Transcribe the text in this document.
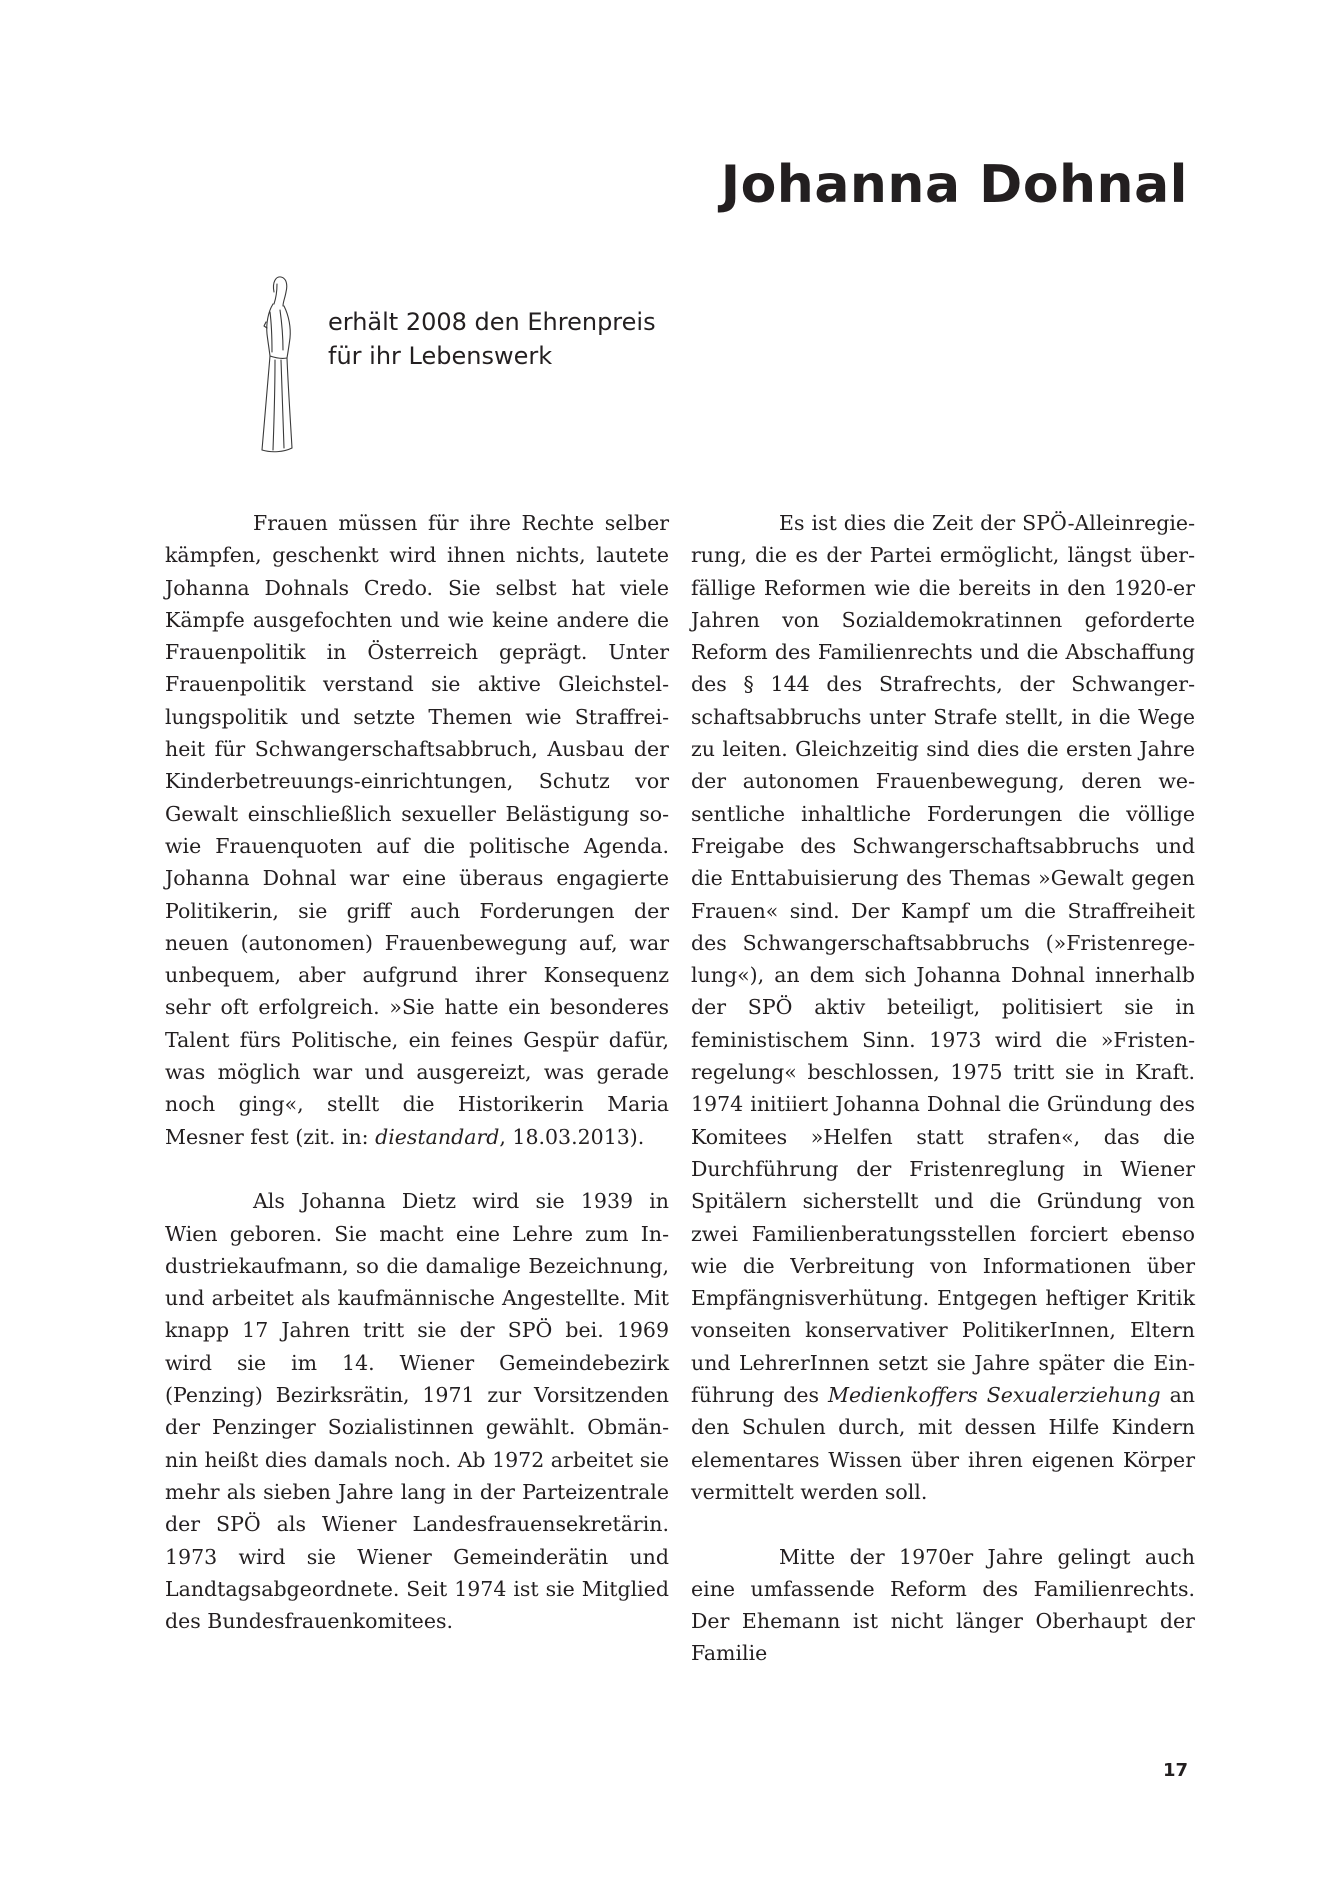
Johanna Dohnal
erhält 2008 den Ehrenpreis
für ihr Lebenswerk

Frauen müssen für ihre Rechte selber kämpfen, geschenkt wird ihnen nichts, lautete Johanna Dohnals Credo. Sie selbst hat viele Kämpfe ausgefochten und wie keine andere die Frauenpolitik in Österreich geprägt. Unter Frauenpolitik verstand sie aktive Gleichstellungspolitik und setzte Themen wie Straffreiheit für Schwangerschaftsabbruch, Ausbau der Kinderbetreuungs-einrichtungen, Schutz vor Gewalt einschließlich sexueller Belästigung sowie Frauenquoten auf die politische Agenda. Johanna Dohnal war eine überaus engagierte Politikerin, sie griff auch Forderungen der neuen (autonomen) Frauenbewegung auf, war unbequem, aber aufgrund ihrer Konsequenz sehr oft erfolgreich. »Sie hatte ein besonderes Talent fürs Politische, ein feines Gespür dafür, was möglich war und ausgereizt, was gerade noch ging«, stellt die Historikerin Maria Mesner fest (zit. in: diestandard, 18.03.2013).

Als Johanna Dietz wird sie 1939 in Wien geboren. Sie macht eine Lehre zum Industriekaufmann, so die damalige Bezeichnung, und arbeitet als kaufmännische Angestellte. Mit knapp 17 Jahren tritt sie der SPÖ bei. 1969 wird sie im 14. Wiener Gemeindebezirk (Penzing) Bezirksrätin, 1971 zur Vorsitzenden der Penzinger Sozialistinnen gewählt. Obmännin heißt dies damals noch. Ab 1972 arbeitet sie mehr als sieben Jahre lang in der Parteizentrale der SPÖ als Wiener Landesfrauensekretärin. 1973 wird sie Wiener Gemeinderätin und Landtagsabgeordnete. Seit 1974 ist sie Mitglied des Bundesfrauenkomitees.

Es ist dies die Zeit der SPÖ-Alleinregierung, die es der Partei ermöglicht, längst überfällige Reformen wie die bereits in den 1920-er Jahren von Sozialdemokratinnen geforderte Reform des Familienrechts und die Abschaffung des § 144 des Strafrechts, der Schwangerschaftsabbruchs unter Strafe stellt, in die Wege zu leiten. Gleichzeitig sind dies die ersten Jahre der autonomen Frauenbewegung, deren wesentliche inhaltliche Forderungen die völlige Freigabe des Schwangerschaftsabbruchs und die Enttabuisierung des Themas »Gewalt gegen Frauen« sind. Der Kampf um die Straffreiheit des Schwangerschaftsabbruchs (»Fristenregelung«), an dem sich Johanna Dohnal innerhalb der SPÖ aktiv beteiligt, politisiert sie in feministischem Sinn. 1973 wird die »Fristenregelung« beschlossen, 1975 tritt sie in Kraft. 1974 initiiert Johanna Dohnal die Gründung des Komitees »Helfen statt strafen«, das die Durchführung der Fristenreglung in Wiener Spitälern sicherstellt und die Gründung von zwei Familienberatungsstellen forciert ebenso wie die Verbreitung von Informationen über Empfängnisverhütung. Entgegen heftiger Kritik vonseiten konservativer PolitikerInnen, Eltern und LehrerInnen setzt sie Jahre später die Einführung des Medienkoffers Sexualerziehung an den Schulen durch, mit dessen Hilfe Kindern elementares Wissen über ihren eigenen Körper vermittelt werden soll.

Mitte der 1970er Jahre gelingt auch eine umfassende Reform des Familienrechts. Der Ehemann ist nicht länger Oberhaupt der Familie

17
